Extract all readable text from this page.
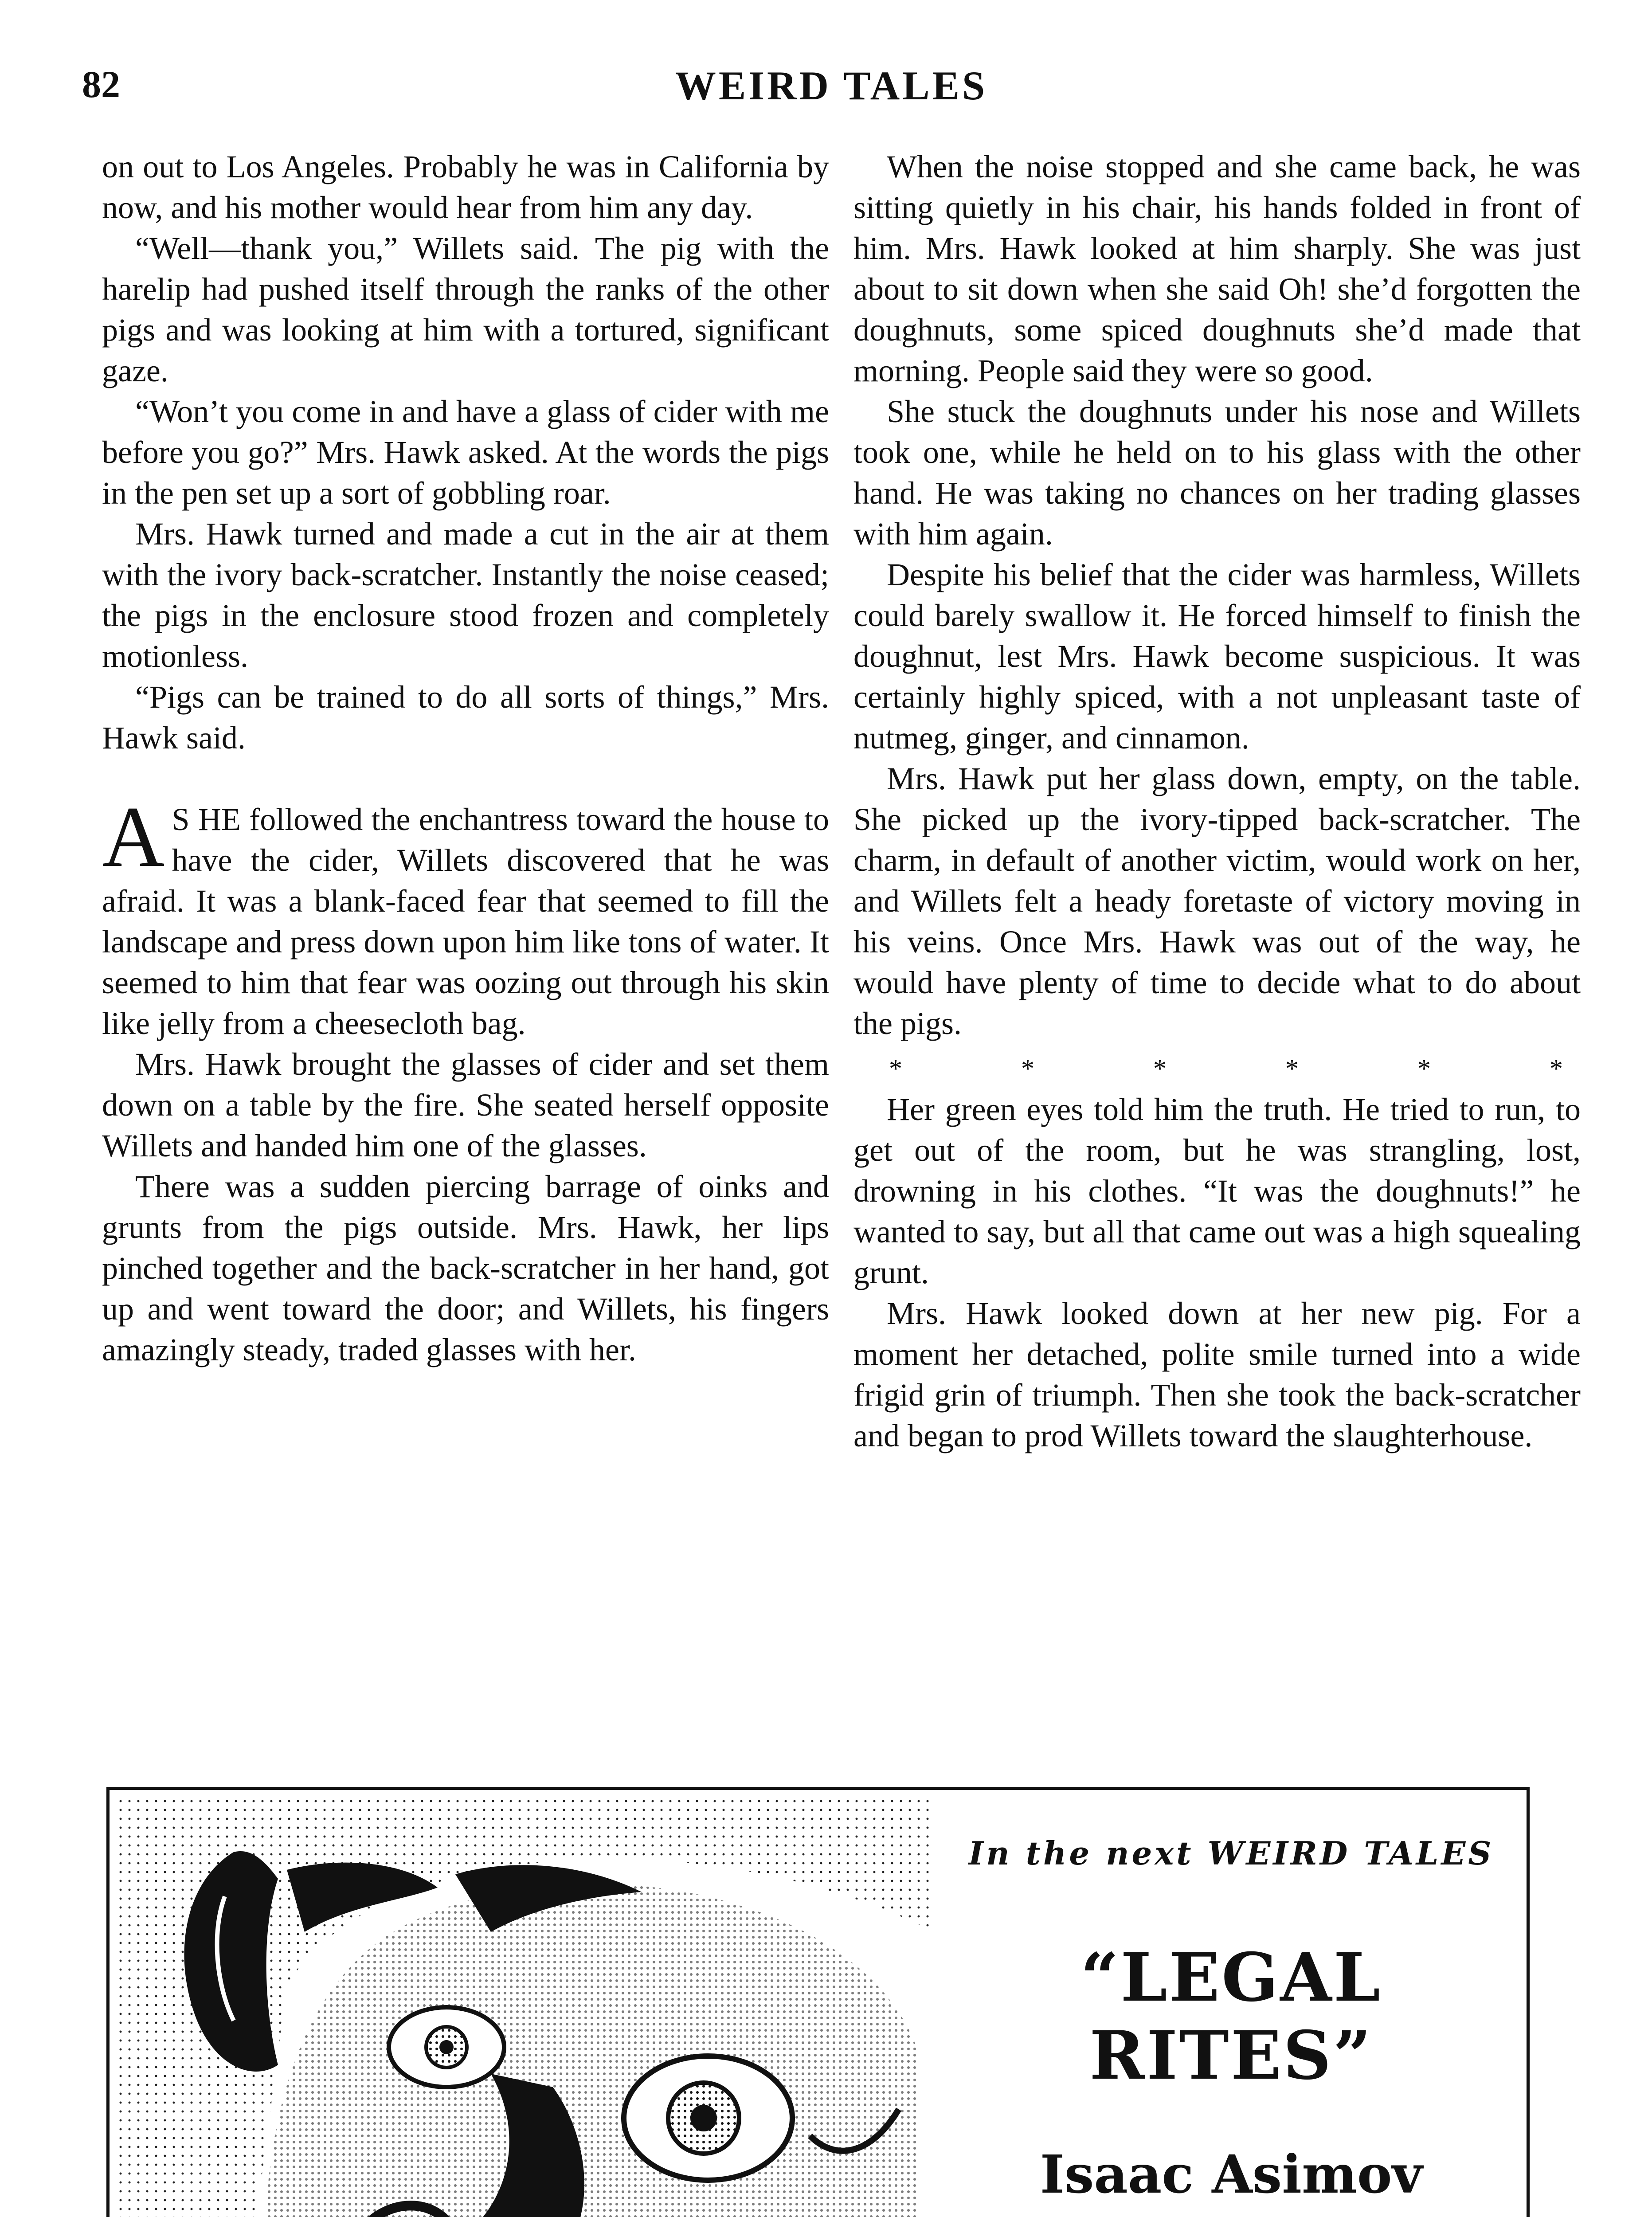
82	WEIRD TALES

on out to Los Angeles. Probably he was in California by now, and his mother would hear from him any day.

“Well—thank you,” Willets said. The pig with the harelip had pushed itself through the ranks of the other pigs and was looking at him with a tortured, significant gaze.

“Won’t you come in and have a glass of cider with me before you go?” Mrs. Hawk asked. At the words the pigs in the pen set up a sort of gobbling roar.

Mrs. Hawk turned and made a cut in the air at them with the ivory back-scratcher. Instantly the noise ceased; the pigs in the enclosure stood frozen and completely motionless.

“Pigs can be trained to do all sorts of things,” Mrs. Hawk said.

A S HE followed the enchantress toward the house to have the cider, Willets discovered that he was afraid. It was a blank-faced fear that seemed to fill the landscape and press down upon him like tons of water. It seemed to him that fear was oozing out through his skin like jelly from a cheesecloth bag.

Mrs. Hawk brought the glasses of cider and set them down on a table by the fire. She seated herself opposite Willets and handed him one of the glasses.

There was a sudden piercing barrage of oinks and grunts from the pigs outside. Mrs. Hawk, her lips pinched together and the back-scratcher in her hand, got up and went toward the door; and Willets, his fingers amazingly steady, traded glasses with her.

When the noise stopped and she came back, he was sitting quietly in his chair, his hands folded in front of him. Mrs. Hawk looked at him sharply. She was just about to sit down when she said Oh! she’d forgotten the doughnuts, some spiced doughnuts she’d made that morning. People said they were so good.

She stuck the doughnuts under his nose and Willets took one, while he held on to his glass with the other hand. He was taking no chances on her trading glasses with him again.

Despite his belief that the cider was harmless, Willets could barely swallow it. He forced himself to finish the doughnut, lest Mrs. Hawk become suspicious. It was certainly highly spiced, with a not unpleasant taste of nutmeg, ginger, and cinnamon.

Mrs. Hawk put her glass down, empty, on the table. She picked up the ivory-tipped back-scratcher. The charm, in default of another victim, would work on her, and Willets felt a heady foretaste of victory moving in his veins. Once Mrs. Hawk was out of the way, he would have plenty of time to decide what to do about the pigs.

*	*	*	*	*	*

Her green eyes told him the truth. He tried to run, to get out of the room, but he was strangling, lost, drowning in his clothes. “It was the doughnuts!” he wanted to say, but all that came out was a high squealing grunt.

Mrs. Hawk looked down at her new pig. For a moment her detached, polite smile turned into a wide frigid grin of triumph. Then she took the back-scratcher and began to prod Willets toward the slaughterhouse.

In the next WEIRD TALES
“LEGAL RITES”
Isaac Asimov
